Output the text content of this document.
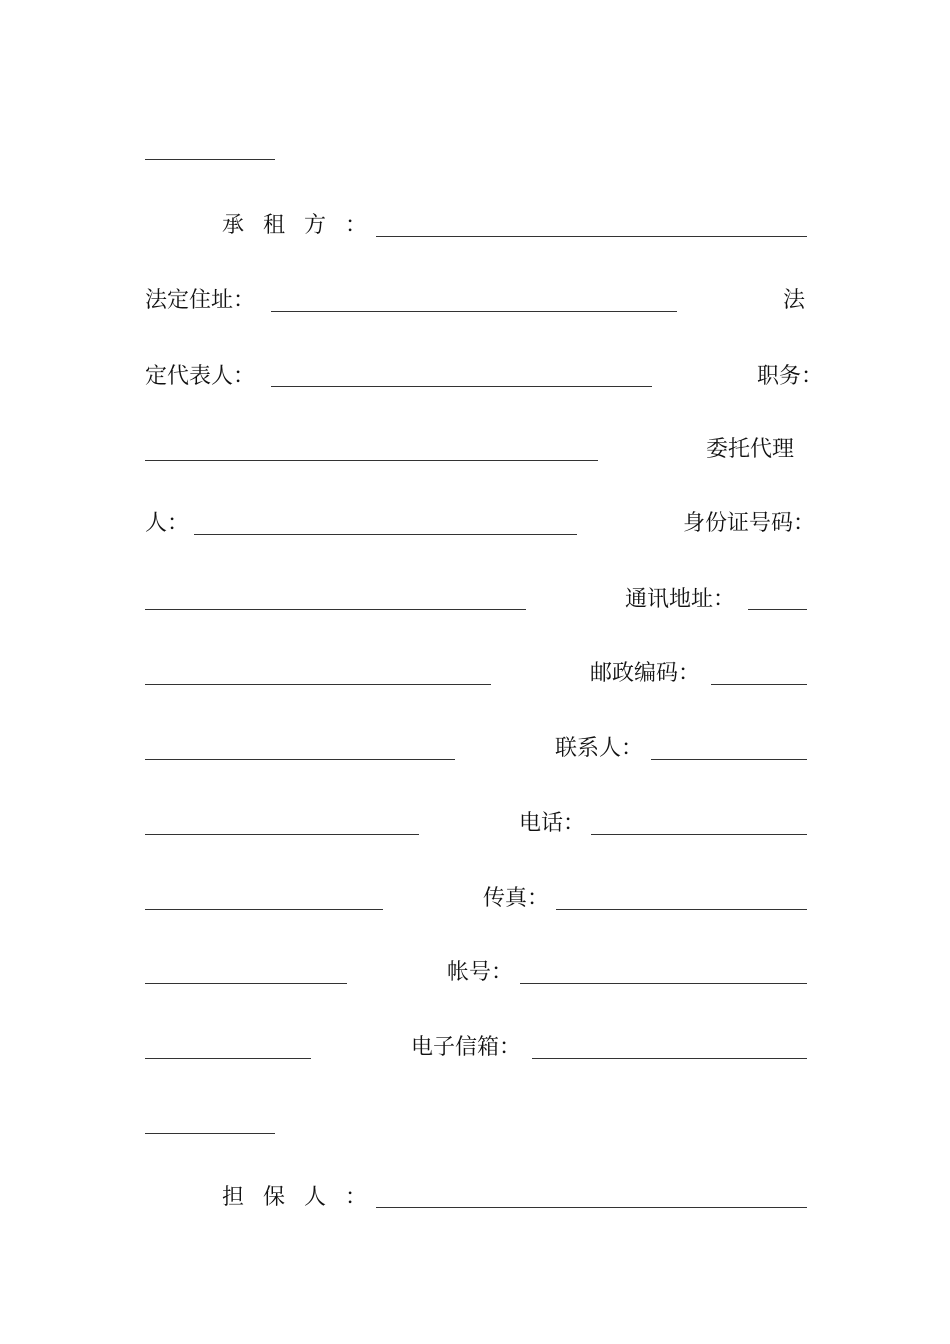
承 租 方 ：
法定住址：	法
定代表人：	职务：
委托代理
人：	身份证号码：
通讯地址：
邮政编码：
联系人：
电话：
传真：
帐号：
电子信箱：
担 保 人 ：
